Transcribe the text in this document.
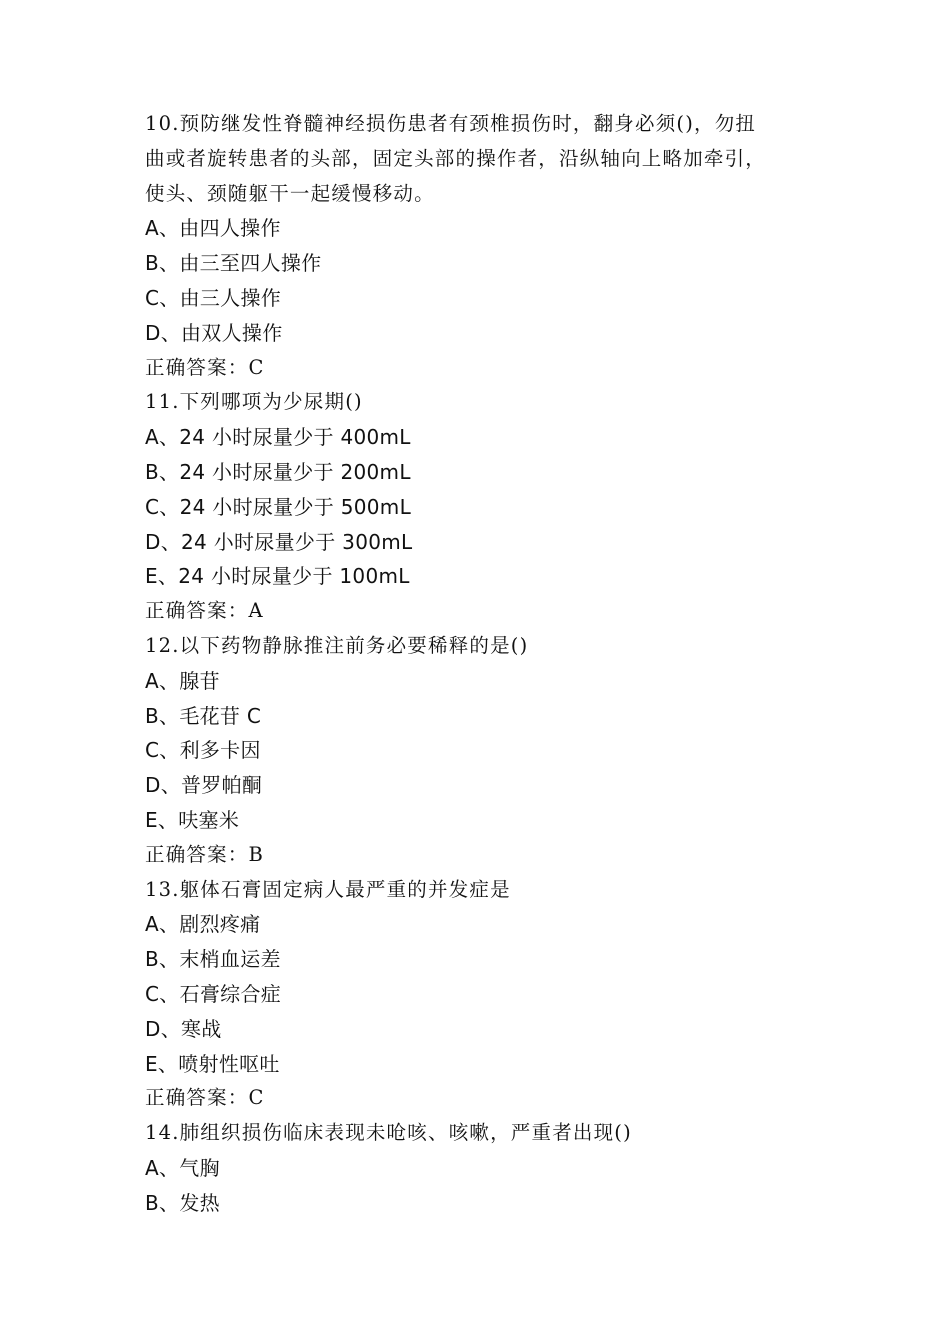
10.预防继发性脊髓神经损伤患者有颈椎损伤时，翻身必须()，勿扭
曲或者旋转患者的头部，固定头部的操作者，沿纵轴向上略加牵引，
使头、颈随躯干一起缓慢移动。
A、由四人操作
B、由三至四人操作
C、由三人操作
D、由双人操作
正确答案：C
11.下列哪项为少尿期()
A、24 小时尿量少于 400mL
B、24 小时尿量少于 200mL
C、24 小时尿量少于 500mL
D、24 小时尿量少于 300mL
E、24 小时尿量少于 100mL
正确答案：A
12.以下药物静脉推注前务必要稀释的是()
A、腺苷
B、毛花苷 C
C、利多卡因
D、普罗帕酮
E、呋塞米
正确答案：B
13.躯体石膏固定病人最严重的并发症是
A、剧烈疼痛
B、末梢血运差
C、石膏综合症
D、寒战
E、喷射性呕吐
正确答案：C
14.肺组织损伤临床表现未呛咳、咳嗽，严重者出现()
A、气胸
B、发热
